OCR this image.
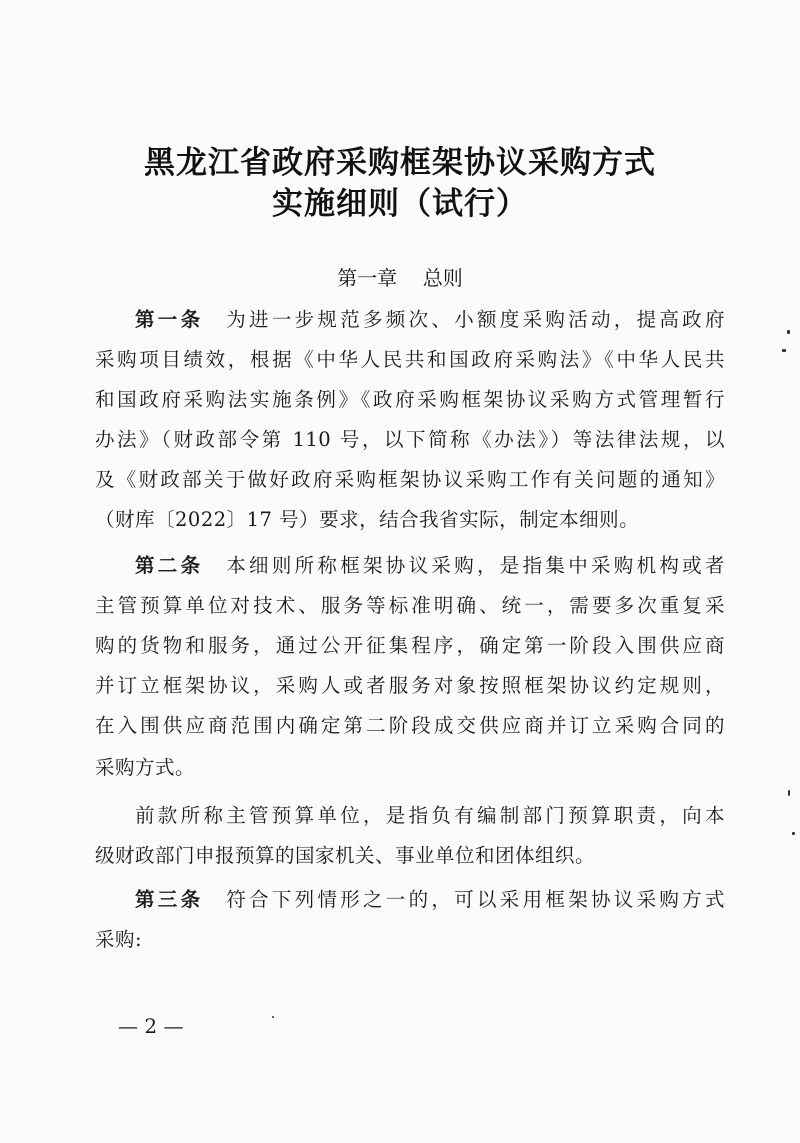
黑龙江省政府采购框架协议采购方式
实施细则（试行）
第一章 总则
第一条　 为进一步规范多频次、小额度采购活动，提高政府
采购项目绩效，根据《中华人民共和国政府采购法》《中华人民共
和国政府采购法实施条例》《政府采购框架协议采购方式管理暂行
办法》（财政部令第 110 号，以下简称《办法》）等法律法规，以
及《财政部关于做好政府采购框架协议采购工作有关问题的通知》
（财库〔2022〕17 号）要求，结合我省实际，制定本细则。
第二条　 本细则所称框架协议采购，是指集中采购机构或者
主管预算单位对技术、服务等标准明确、统一，需要多次重复采
购的货物和服务，通过公开征集程序，确定第一阶段入围供应商
并订立框架协议，采购人或者服务对象按照框架协议约定规则，
在入围供应商范围内确定第二阶段成交供应商并订立采购合同的
采购方式。
前款所称主管预算单位，是指负有编制部门预算职责，向本
级财政部门申报预算的国家机关、事业单位和团体组织。
第三条　 符合下列情形之一的，可以采用框架协议采购方式
采购:
— 2 —
